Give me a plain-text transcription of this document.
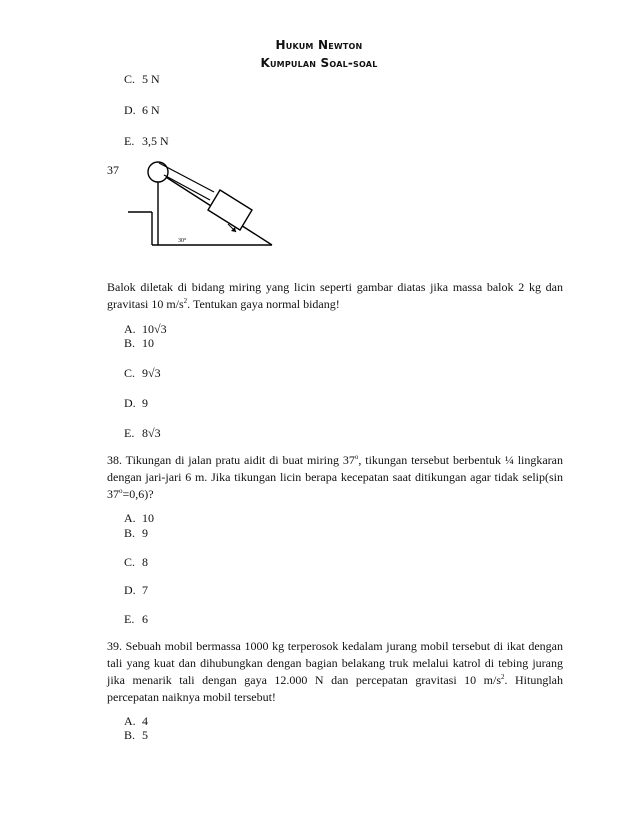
Hukum Newton
Kumpulan Soal-soal
C. 5 N
D. 6 N
E. 3,5 N
37
30°

Balok diletak di bidang miring yang licin seperti gambar diatas jika massa balok 2 kg dan gravitasi 10 $m/s^2$. Tentukan gaya normal bidang!

A. 10√3
B. 10
C. 9√3
D. 9
E. 8√3

38. Tikungan di jalan pratu aidit di buat miring 37$^o$, tikungan tersebut berbentuk ¼ lingkaran dengan jari-jari 6 m. Jika tikungan licin berapa kecepatan saat ditikungan agar tidak selip(sin $37^o=0,6$)?

A. 10
B. 9
C. 8
D. 7
E. 6

39. Sebuah mobil bermassa 1000 kg terperosok kedalam jurang mobil tersebut di ikat dengan tali yang kuat dan dihubungkan dengan bagian belakang truk melalui katrol di tebing jurang jika menarik tali dengan gaya 12.000 N dan percepatan gravitasi 10 $m/s^2$. Hitunglah percepatan naiknya mobil tersebut!

A. 4
B. 5
